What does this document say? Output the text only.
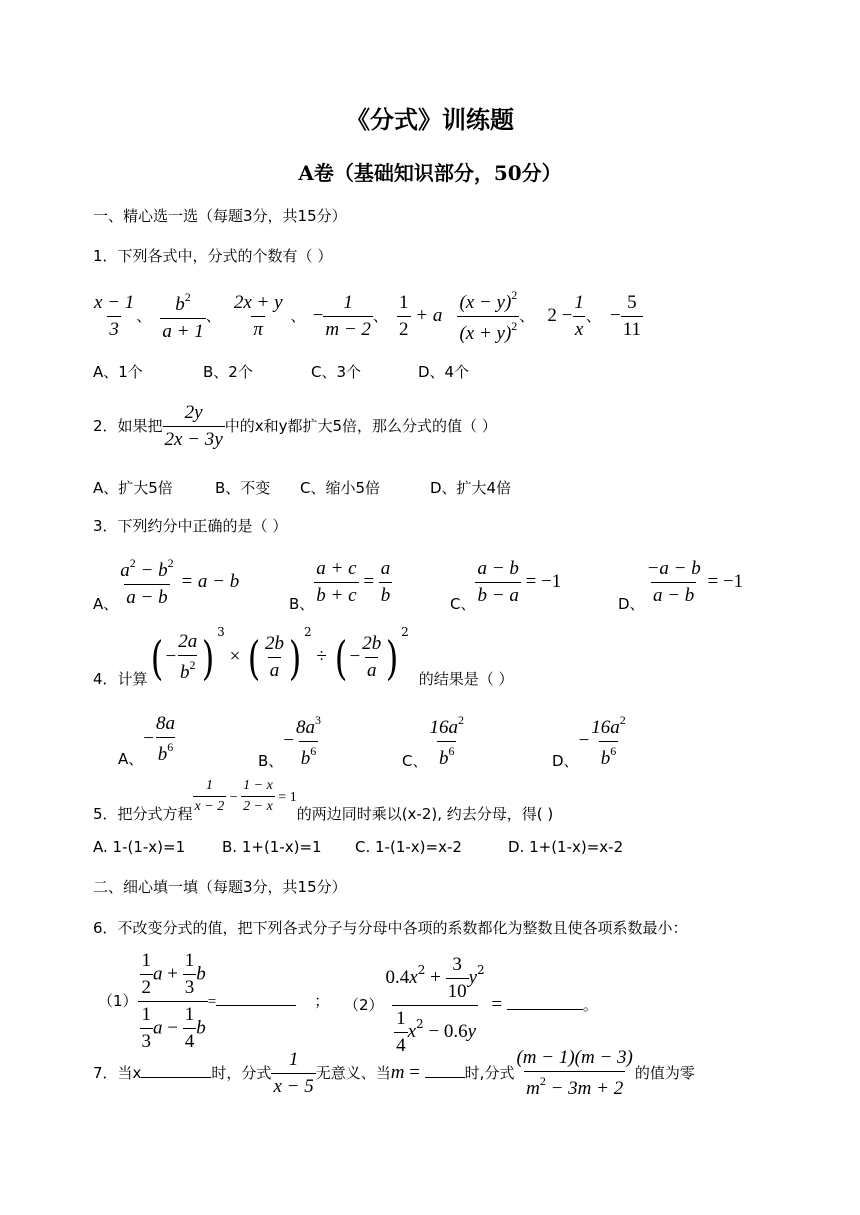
《分式》训练题
A卷（基础知识部分，50分）
一、精心选一选（每题3分，共15分）
1．下列各式中，分式的个数有（ ）
$\frac{x - 1}{3}$ 、 $\frac{b^2}{a + 1}$ 、 $\frac{2x + y}{\pi}$ 、 − $\frac{1}{m - 2}$ 、 $\frac{1}{2} + a \frac{(x - y)^2}{(x + y)^2}$ 、 $2 - \frac{1}{x}$ 、 − $\frac{5}{11}$
A、1个	B、2个	C、3个	D、4个
2．如果把 $\frac{2y}{2x - 3y}$ 中的x和y都扩大5倍，那么分式的值（ ）
A、扩大5倍	B、不变 C、缩小5倍	D、扩大4倍
3．下列约分中正确的是（ ）
A、 $\frac{a^2 - b^2}{a - b} = a - b$
B、 $\frac{a + c}{b + c} = \frac{a}{b}$	C、 $\frac{a - b}{b - a} = -1$
D、 $\frac{-a - b}{a - b} = -1$
4．计算( − $\frac{2a}{b^2}$ ) $^3$ × ( $\frac{2b}{a}$ ) $^2$ ÷ ( − $\frac{2b}{a}$ ) $^2$的结果是（ ）
A、− $\frac{8a}{b^6}$	B、− $\frac{8a^3}{b^6}$	C、 $\frac{16a^2}{b^6}$	D、− $\frac{16a^2}{b^6}$
5．把分式方程 $\frac{1}{x - 2} - \frac{1 - x}{2 - x} = 1$的两边同时乘以(x-2), 约去分母，得( )
A. 1-(1-x)=1 B. 1+(1-x)=1 C. 1-(1-x)=x-2	D. 1+(1-x)=x-2
二、细心填一填（每题3分，共15分）
6．不改变分式的值，把下列各式分子与分母中各项的系数都化为整数且使各项系数最小：
$(1) \frac{\frac{1}{2} a + \frac{1}{3} b}{\frac{1}{3} a - \frac{1}{4} b}$ =	； $(2) \frac{0.4x^2 + \frac{3}{10} y^2}{\frac{1}{4} x^2 - 0.6y}$ =	。
7．当x	时，分式 $\frac{1}{x - 5}$ 无意义、当m =	时,分式 $\frac{(m - 1)(m - 3)}{m^2 - 3m + 2}$ 的值为零
